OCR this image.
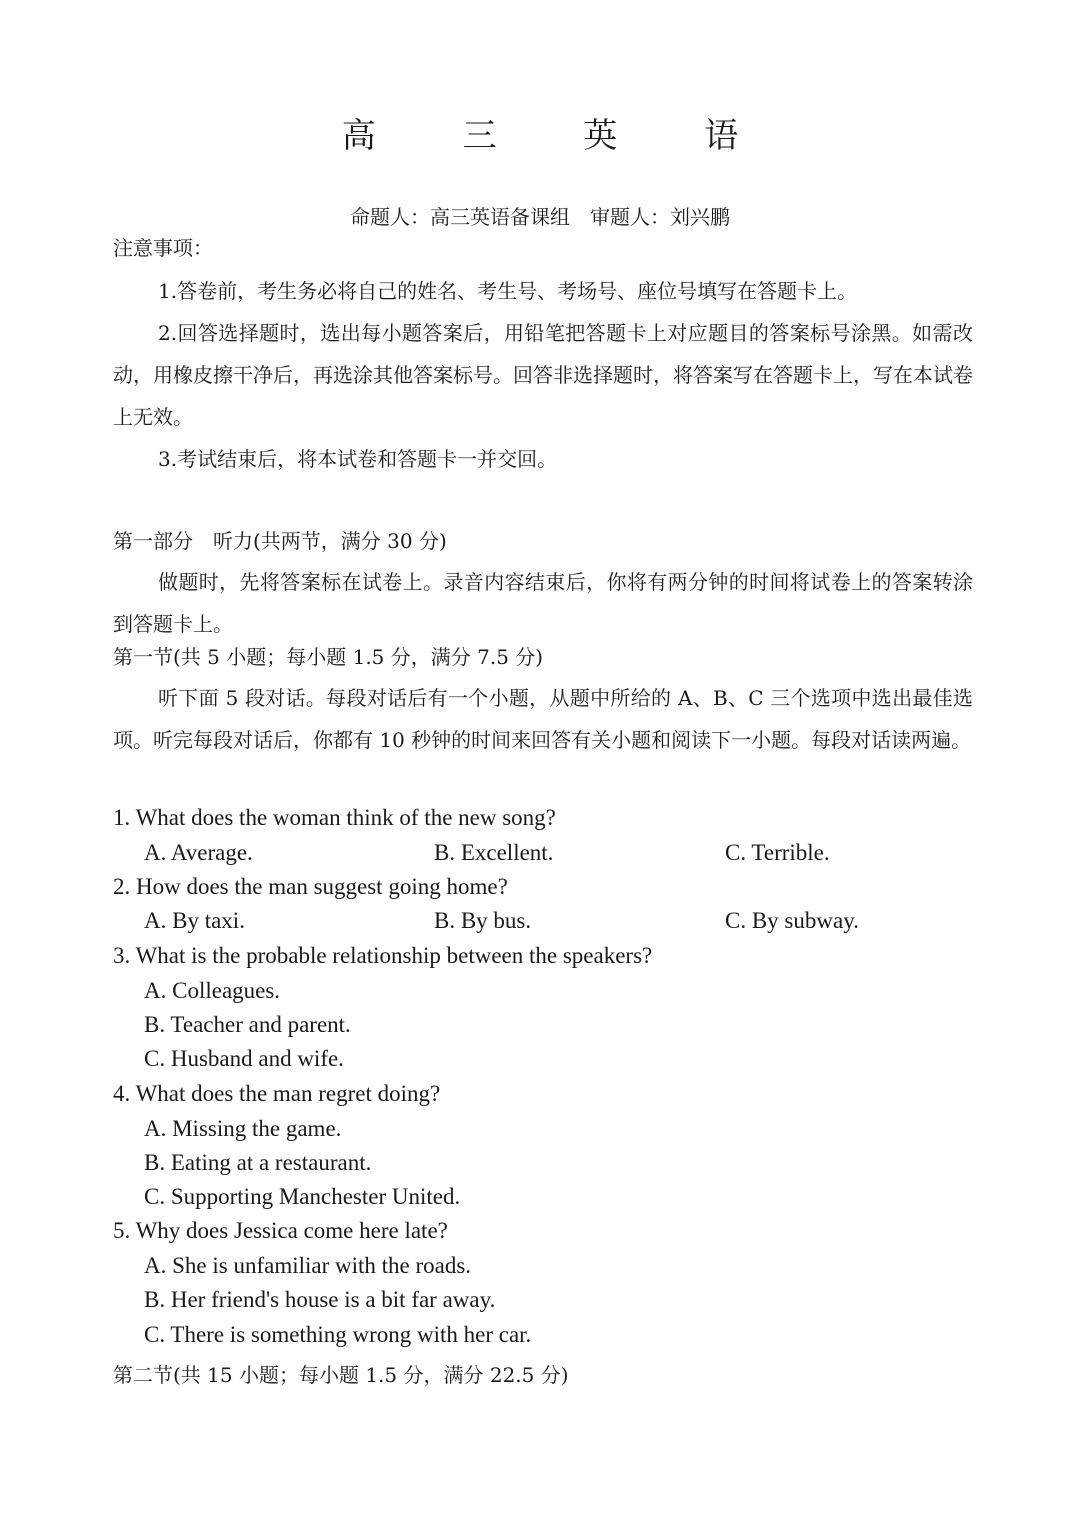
高 三 英 语
命题人：高三英语备课组　审题人：刘兴鹏
注意事项：
1.答卷前，考生务必将自己的姓名、考生号、考场号、座位号填写在答题卡上。
2.回答选择题时，选出每小题答案后，用铅笔把答题卡上对应题目的答案标号涂黑。如需改动，用橡皮擦干净后，再选涂其他答案标号。回答非选择题时，将答案写在答题卡上，写在本试卷上无效。
3.考试结束后，将本试卷和答题卡一并交回。
第一部分　听力(共两节，满分 30 分)
做题时，先将答案标在试卷上。录音内容结束后，你将有两分钟的时间将试卷上的答案转涂到答题卡上。
第一节(共 5 小题；每小题 1.5 分，满分 7.5 分)
听下面 5 段对话。每段对话后有一个小题，从题中所给的 A、B、C 三个选项中选出最佳选项。听完每段对话后，你都有 10 秒钟的时间来回答有关小题和阅读下一小题。每段对话读两遍。
1. What does the woman think of the new song?
A. Average.	B. Excellent.	C. Terrible.
2. How does the man suggest going home?
A. By taxi.	B. By bus.	C. By subway.
3. What is the probable relationship between the speakers?
A. Colleagues.
B. Teacher and parent.
C. Husband and wife.
4. What does the man regret doing?
A. Missing the game.
B. Eating at a restaurant.
C. Supporting Manchester United.
5. Why does Jessica come here late?
A. She is unfamiliar with the roads.
B. Her friend's house is a bit far away.
C. There is something wrong with her car.
第二节(共 15 小题；每小题 1.5 分，满分 22.5 分)
